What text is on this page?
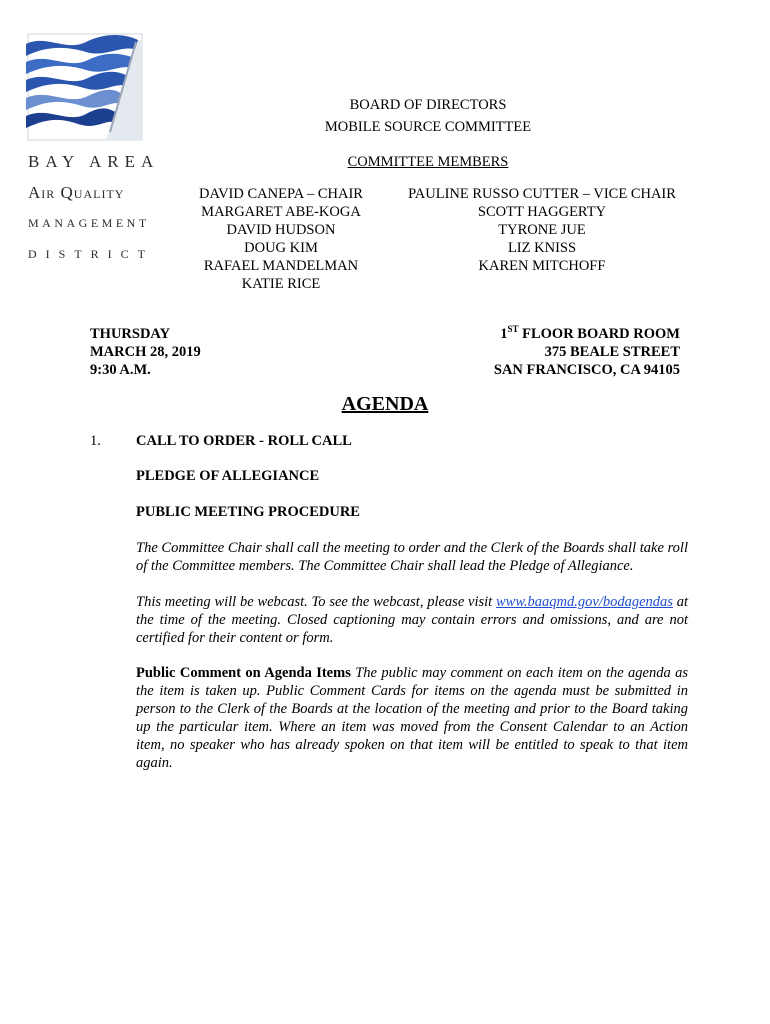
BAY AREA
Air Quality
MANAGEMENT
DISTRICT
BOARD OF DIRECTORS
MOBILE SOURCE COMMITTEE
COMMITTEE MEMBERS
DAVID CANEPA – CHAIR
MARGARET ABE-KOGA
DAVID HUDSON
DOUG KIM
RAFAEL MANDELMAN
KATIE RICE
PAULINE RUSSO CUTTER – VICE CHAIR
SCOTT HAGGERTY
TYRONE JUE
LIZ KNISS
KAREN MITCHOFF
THURSDAY
MARCH 28, 2019
9:30 A.M.
1ST FLOOR BOARD ROOM
375 BEALE STREET
SAN FRANCISCO, CA 94105
AGENDA
1. CALL TO ORDER - ROLL CALL
PLEDGE OF ALLEGIANCE
PUBLIC MEETING PROCEDURE
The Committee Chair shall call the meeting to order and the Clerk of the Boards shall take roll of the Committee members. The Committee Chair shall lead the Pledge of Allegiance.
This meeting will be webcast. To see the webcast, please visit www.baaqmd.gov/bodagendas at the time of the meeting. Closed captioning may contain errors and omissions, and are not certified for their content or form.
Public Comment on Agenda Items The public may comment on each item on the agenda as the item is taken up. Public Comment Cards for items on the agenda must be submitted in person to the Clerk of the Boards at the location of the meeting and prior to the Board taking up the particular item. Where an item was moved from the Consent Calendar to an Action item, no speaker who has already spoken on that item will be entitled to speak to that item again.
